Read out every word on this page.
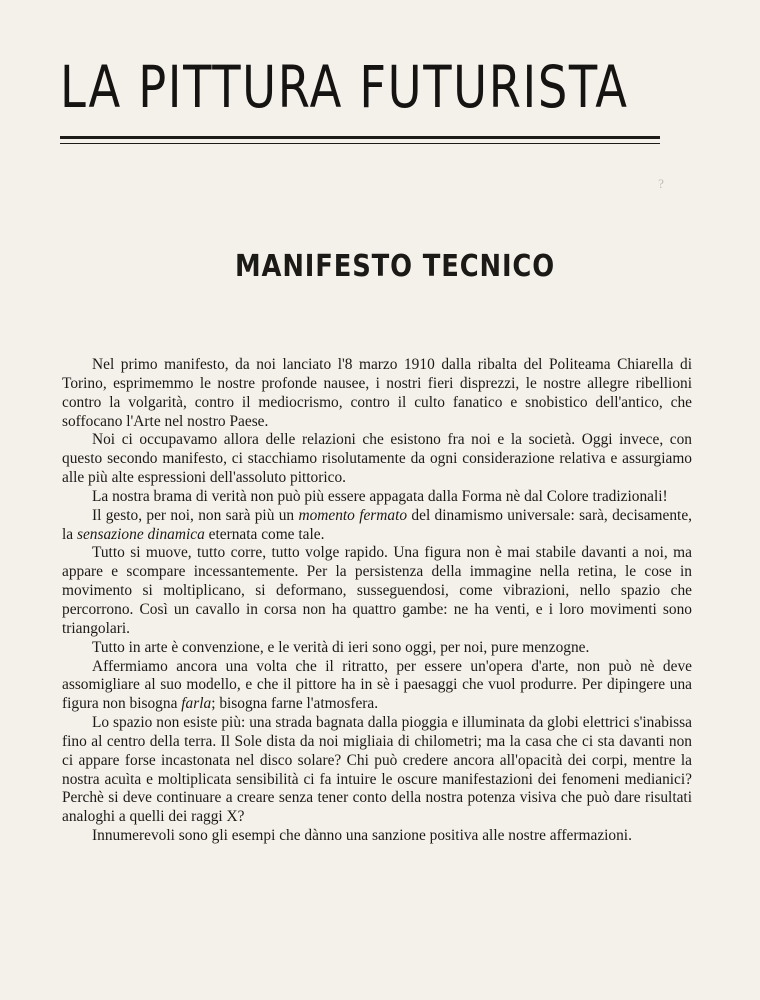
LA PITTURA FUTURISTA
?
MANIFESTO TECNICO

Nel primo manifesto, da noi lanciato l'8 marzo 1910 dalla ribalta del Politeama Chiarella di Torino, esprimemmo le nostre profonde nausee, i nostri fieri disprezzi, le nostre allegre ribellioni contro la volgarità, contro il mediocrismo, contro il culto fanatico e snobistico dell'antico, che soffocano l'Arte nel nostro Paese.

Noi ci occupavamo allora delle relazioni che esistono fra noi e la società. Oggi invece, con questo secondo manifesto, ci stacchiamo risolutamente da ogni considerazione relativa e assurgiamo alle più alte espressioni dell'assoluto pittorico.

La nostra brama di verità non può più essere appagata dalla Forma nè dal Colore tradizionali!

Il gesto, per noi, non sarà più un momento fermato del dinamismo universale: sarà, decisamente, la sensazione dinamica eternata come tale.

Tutto si muove, tutto corre, tutto volge rapido. Una figura non è mai stabile davanti a noi, ma appare e scompare incessantemente. Per la persistenza della immagine nella retina, le cose in movimento si moltiplicano, si deformano, susseguendosi, come vibrazioni, nello spazio che percorrono. Così un cavallo in corsa non ha quattro gambe: ne ha venti, e i loro movimenti sono triangolari.

Tutto in arte è convenzione, e le verità di ieri sono oggi, per noi, pure menzogne.

Affermiamo ancora una volta che il ritratto, per essere un'opera d'arte, non può nè deve assomigliare al suo modello, e che il pittore ha in sè i paesaggi che vuol produrre. Per dipingere una figura non bisogna farla; bisogna farne l'atmosfera.

Lo spazio non esiste più: una strada bagnata dalla pioggia e illuminata da globi elettrici s'inabissa fino al centro della terra. Il Sole dista da noi migliaia di chilometri; ma la casa che ci sta davanti non ci appare forse incastonata nel disco solare? Chi può credere ancora all'opacità dei corpi, mentre la nostra acuìta e moltiplicata sensibilità ci fa intuire le oscure manifestazioni dei fenomeni medianici? Perchè si deve continuare a creare senza tener conto della nostra potenza visiva che può dare risultati analoghi a quelli dei raggi X?

Innumerevoli sono gli esempi che dànno una sanzione positiva alle nostre affermazioni.
